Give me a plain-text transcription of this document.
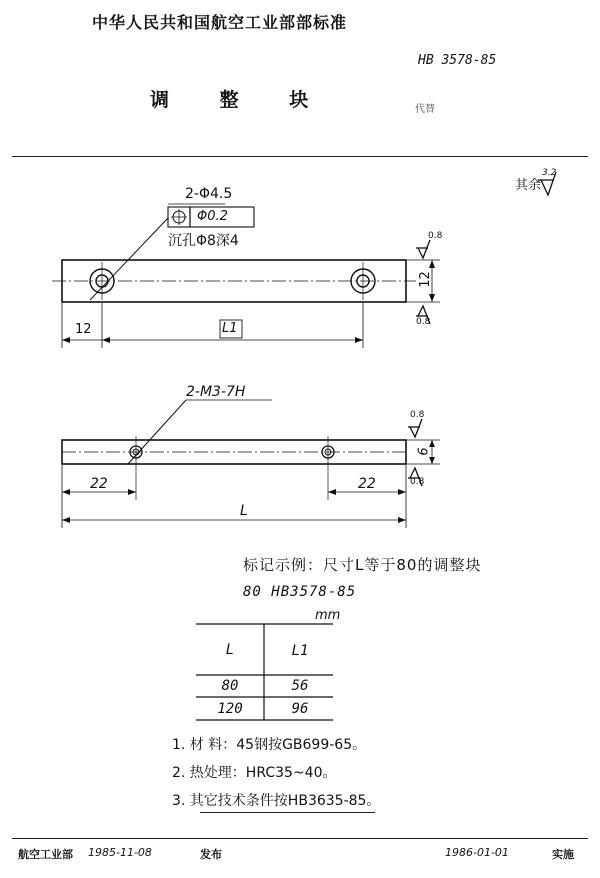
中华人民共和国航空工业部部标准
HB 3578-85
调 整 块	代替
其余
3.2
2-Φ4.5
Φ0.2
沉孔Φ8深4
12	L1
12
0.8
0.8
2-M3-7H
22	22
L
6
0.8
0.8
标记示例：尺寸L等于80的调整块
80 HB3578-85
mm
L	L1
80	56
120	96
1. 材 料：45钢按GB699-65。
2. 热处理：HRC35~40。
3. 其它技术条件按HB3635-85。
航空工业部 1985-11-08	发布	1986-01-01	实施
